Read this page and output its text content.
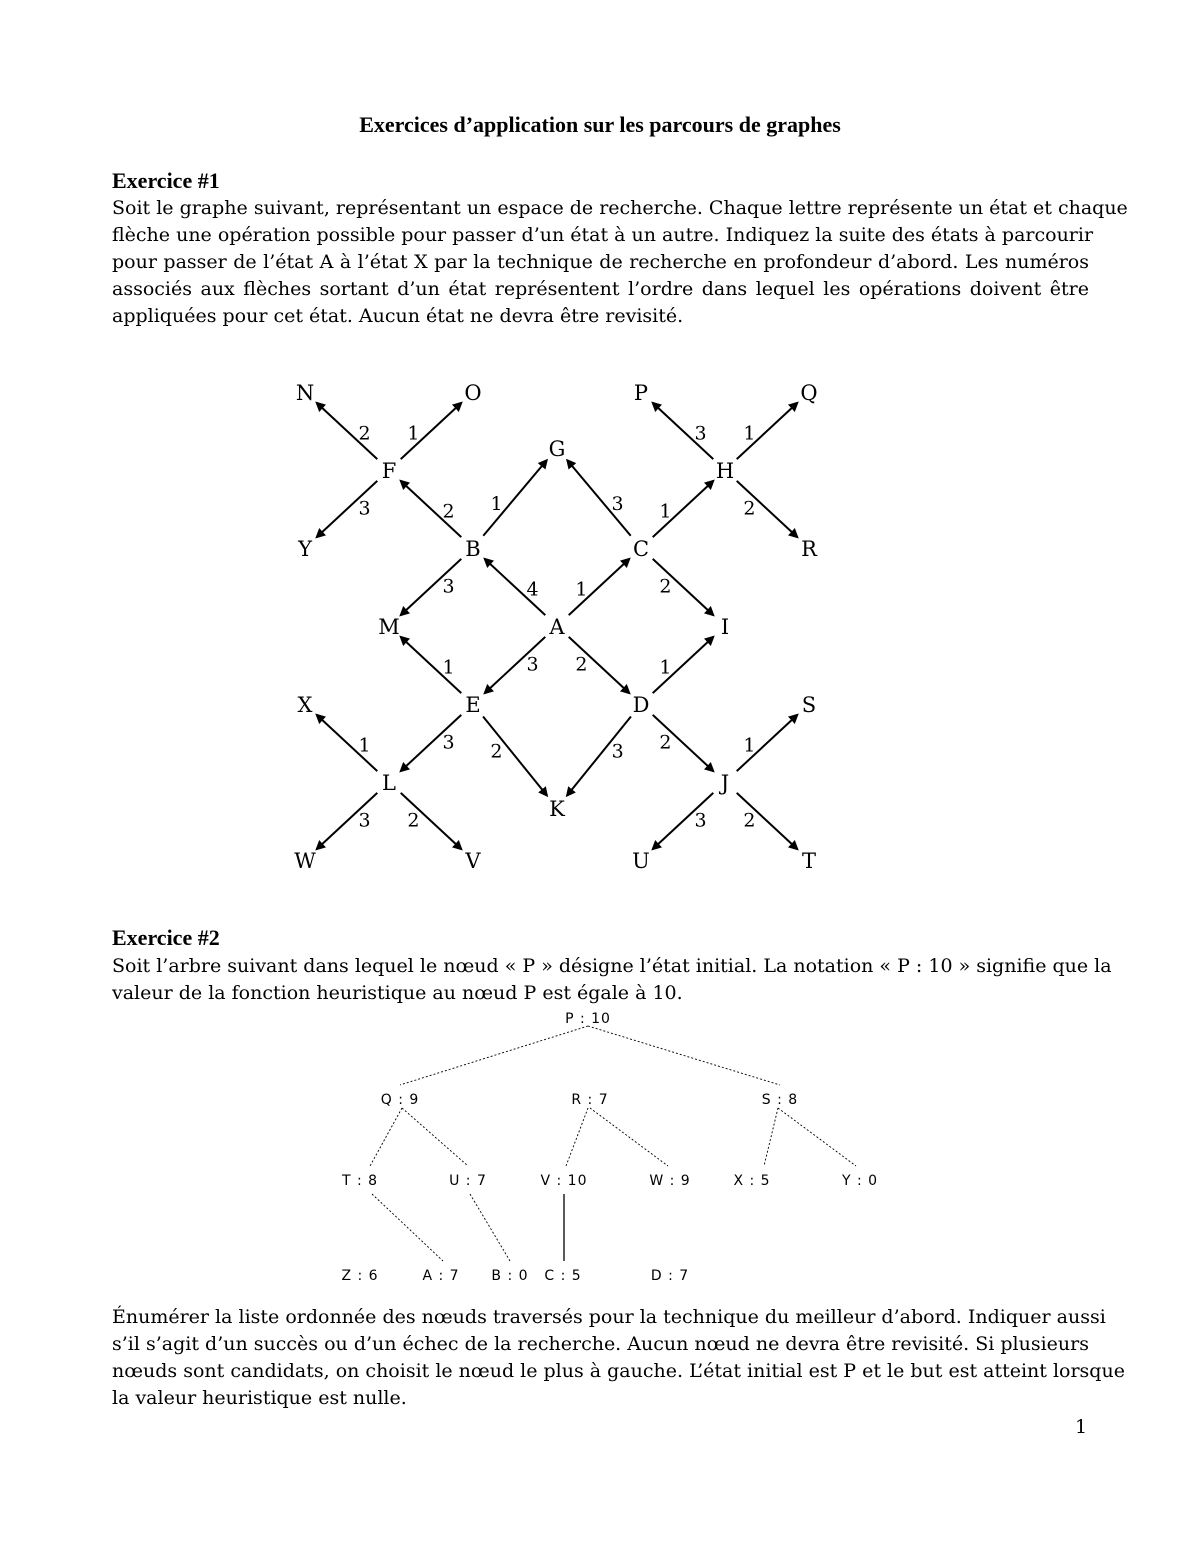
Exercices d’application sur les parcours de graphes
Exercice #1
Soit le graphe suivant, représentant un espace de recherche. Chaque lettre représente un état et chaque
flèche une opération possible pour passer d’un état à un autre. Indiquez la suite des états à parcourir
pour passer de l’état A à l’état X par la technique de recherche en profondeur d’abord. Les numéros
associés aux flèches sortant d’un état représentent l’ordre dans lequel les opérations doivent être
appliquées pour cet état. Aucun état ne devra être revisité.
2 1
3
3 1
2
2 1
3
3 1
2
4 1
3 2
1
3 2
1
3 2
1
3 2
1
3 2
N	O	P	Q
F
G
H
Y	B	C	R
M	A	I
X	E	D	S
L
K
J
W	V	U	T
Exercice #2
Soit l’arbre suivant dans lequel le nœud « P » désigne l’état initial. La notation « P : 10 » signifie que la
valeur de la fonction heuristique au nœud P est égale à 10.
P : 10
Q : 9	R : 7	S : 8
T : 8	U : 7	V : 10	W : 9	X : 5	Y : 0
Z : 6	A : 7 B : 0 C : 5	D : 7
Énumérer la liste ordonnée des nœuds traversés pour la technique du meilleur d’abord. Indiquer aussi
s’il s’agit d’un succès ou d’un échec de la recherche. Aucun nœud ne devra être revisité. Si plusieurs
nœuds sont candidats, on choisit le nœud le plus à gauche. L’état initial est P et le but est atteint lorsque
la valeur heuristique est nulle.
1
